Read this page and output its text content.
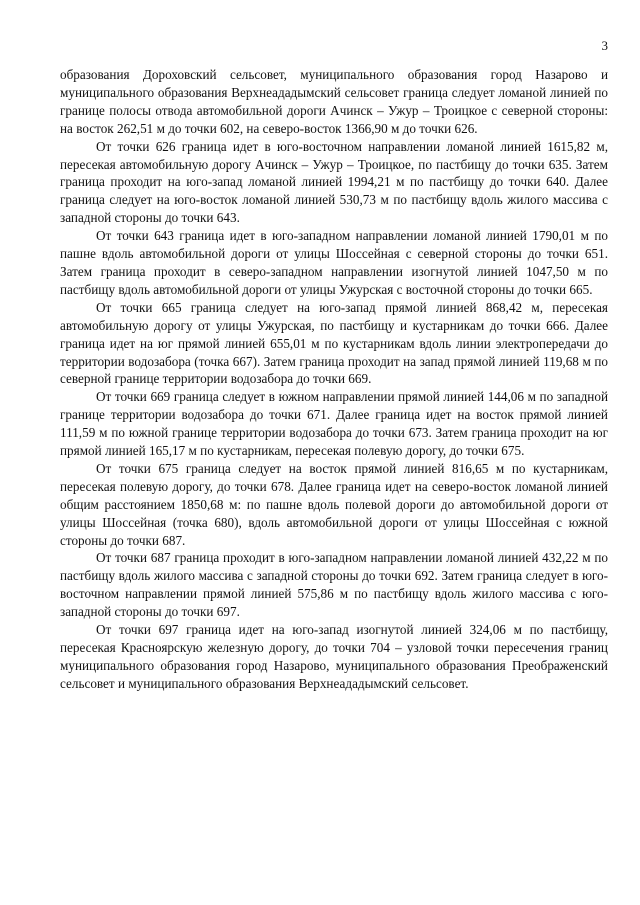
3

образования Дороховский сельсовет, муниципального образования город Назарово и муниципального образования Верхнеададымский сельсовет граница следует ломаной линией по границе полосы отвода автомобильной дороги Ачинск – Ужур – Троицкое с северной стороны: на восток 262,51 м до точки 602, на северо-восток 1366,90 м до точки 626.

От точки 626 граница идет в юго-восточном направлении ломаной линией 1615,82 м, пересекая автомобильную дорогу Ачинск – Ужур – Троицкое, по пастбищу до точки 635. Затем граница проходит на юго-запад ломаной линией 1994,21 м по пастбищу до точки 640. Далее граница следует на юго-восток ломаной линией 530,73 м по пастбищу вдоль жилого массива с западной стороны до точки 643.

От точки 643 граница идет в юго-западном направлении ломаной линией 1790,01 м по пашне вдоль автомобильной дороги от улицы Шоссейная с северной стороны до точки 651. Затем граница проходит в северо-западном направлении изогнутой линией 1047,50 м по пастбищу вдоль автомобильной дороги от улицы Ужурская с восточной стороны до точки 665.

От точки 665 граница следует на юго-запад прямой линией 868,42 м, пересекая автомобильную дорогу от улицы Ужурская, по пастбищу и кустарникам до точки 666. Далее граница идет на юг прямой линией 655,01 м по кустарникам вдоль линии электропередачи до территории водозабора (точка 667). Затем граница проходит на запад прямой линией 119,68 м по северной границе территории водозабора до точки 669.

От точки 669 граница следует в южном направлении прямой линией 144,06 м по западной границе территории водозабора до точки 671. Далее граница идет на восток прямой линией 111,59 м по южной границе территории водозабора до точки 673. Затем граница проходит на юг прямой линией 165,17 м по кустарникам, пересекая полевую дорогу, до точки 675.

От точки 675 граница следует на восток прямой линией 816,65 м по кустарникам, пересекая полевую дорогу, до точки 678. Далее граница идет на северо-восток ломаной линией общим расстоянием 1850,68 м: по пашне вдоль полевой дороги до автомобильной дороги от улицы Шоссейная (точка 680), вдоль автомобильной дороги от улицы Шоссейная с южной стороны до точки 687.

От точки 687 граница проходит в юго-западном направлении ломаной линией 432,22 м по пастбищу вдоль жилого массива с западной стороны до точки 692. Затем граница следует в юго-восточном направлении прямой линией 575,86 м по пастбищу вдоль жилого массива с юго-западной стороны до точки 697.

От точки 697 граница идет на юго-запад изогнутой линией 324,06 м по пастбищу, пересекая Красноярскую железную дорогу, до точки 704 – узловой точки пересечения границ муниципального образования город Назарово, муниципального образования Преображенский сельсовет и муниципального образования Верхнеададымский сельсовет.
